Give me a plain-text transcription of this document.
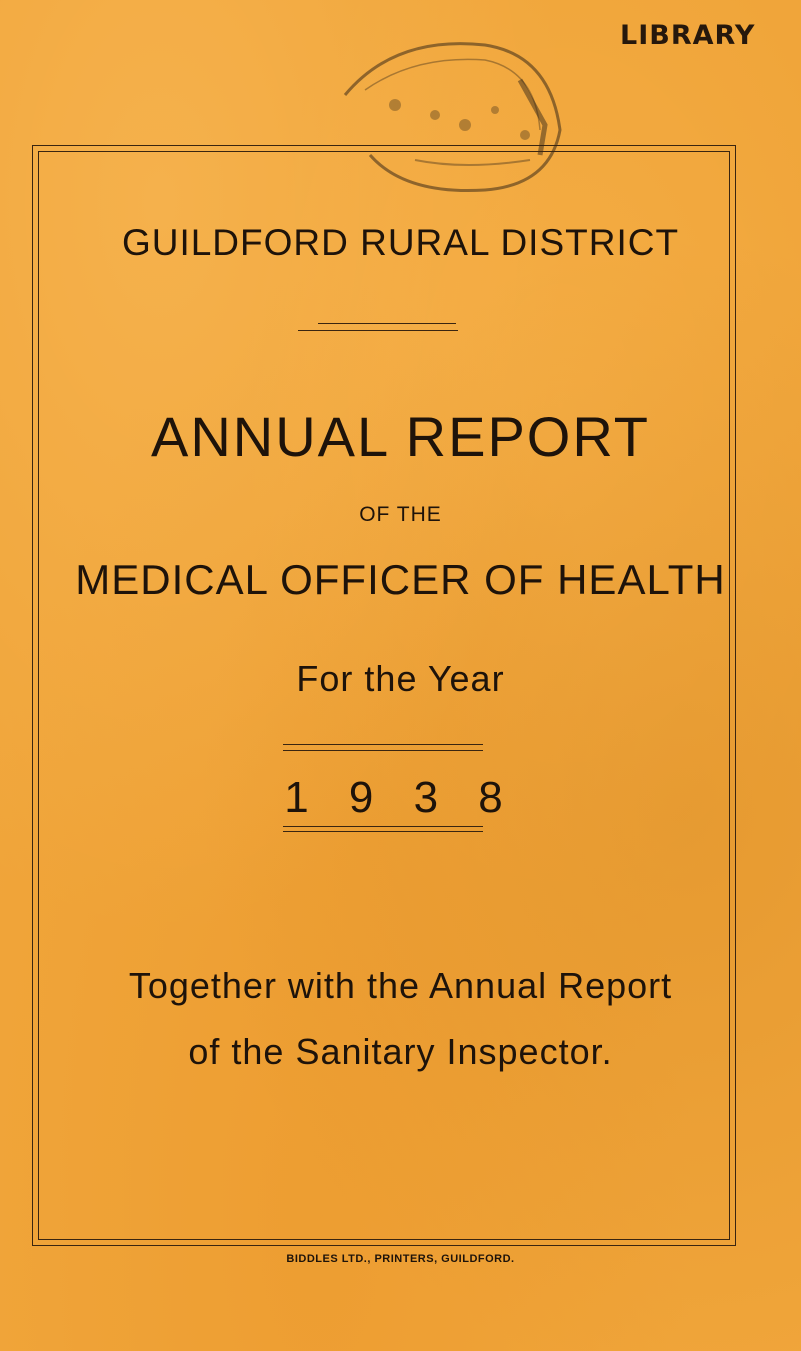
LIBRARY
GUILDFORD RURAL DISTRICT
ANNUAL REPORT
OF THE
MEDICAL OFFICER OF HEALTH
For the Year
1 9 3 8
Together with the Annual Report
of the Sanitary Inspector.
BIDDLES LTD., PRINTERS, GUILDFORD.
